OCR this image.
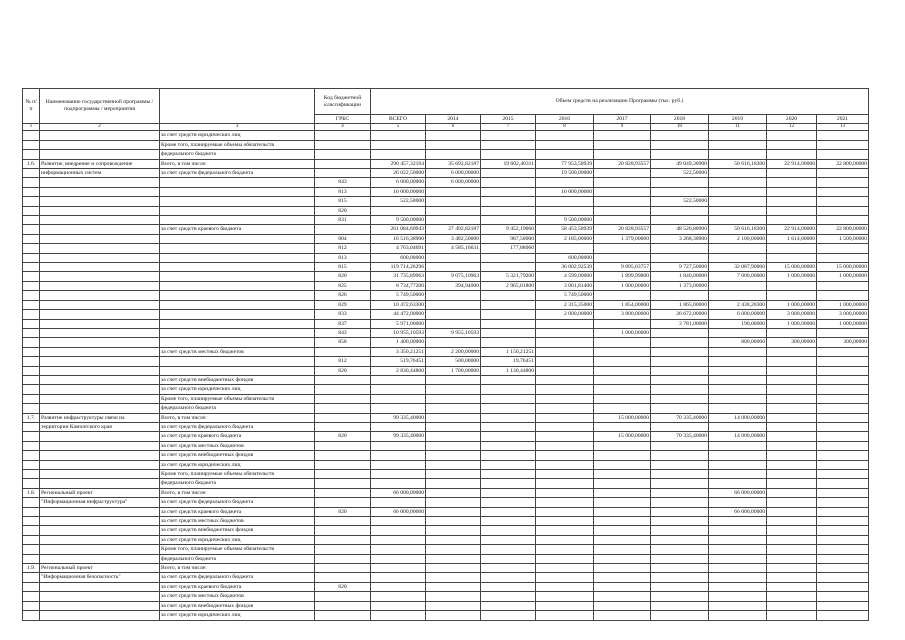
№ п/п	Наименование государственной программы / подпрограммы / мероприятия		Код бюджетной классификации	Объем средств на реализацию Программы (тыс. руб.)								
			ГРБС	ВСЕГО	2014	2015	2016	2017	2018	2019	2020	2021
1	2	3	4	5	6	7	8	9	10	11	12	13
		за счет средств юридических лиц										
		Кроме того, планируемые объемы обязательств										
		федерального бюджета										
1.6.	Развитие, внедрение и сопровождение	Всего, в том числе:		290 457,32194	35 692,82187	19 602,40311	77 953,58939	20 828,93557	49 049,38900	50 616,18300	22 914,00000	22 800,00000
	информационных систем	за счет средств федерального бюджета		26 022,50000	6 000,00000		19 500,00000		522,50000			
			843	6 000,00000	6 000,00000							
			813	10 000,00000			10 000,00000					
			815	522,50000					522,50000			
			820									
			831	9 500,00000			9 500,00000					
		за счет средств краевого бюджета		261 084,60943	27 492,82187	9 452,19060	58 453,58939	20 828,93557	48 526,88900	50 616,18300	22 914,00000	22 800,00000
			804	16 516,38900	3 482,50000	987,50000	2 185,00000	1 379,00000	3 268,38900	2 100,00000	1 614,00000	1 500,00000
			812	4 763,04691	4 585,16631	177,88060						
			813	600,00000			600,00000					
			815	119 714,26296			36 002,92539	9 895,03757	9 727,50000	32 087,90000	15 000,00000	15 000,00000
			820	31 735,89963	9 075,10963	5 321,79200	4 599,00000	1 899,99800	1 840,00000	7 000,00000	1 000,00000	1 000,00000
			825	8 734,77200	394,94000	2 965,01800	3 001,81400	1 000,00000	1 373,00000			
			826	5 749,50000			5 749,50000					
			829	10 472,63300			2 315,35000	1 854,00000	1 865,00000	2 438,28300	1 000,00000	1 000,00000
			833	44 472,00000			2 000,00000	3 800,00000	26 672,00000	6 000,00000	3 000,00000	3 000,00000
			837	5 971,00000					3 781,00000	190,00000	1 000,00000	1 000,00000
			843	10 955,10593	9 955,10593			1 000,00000				
			858	1 400,00000						800,00000	300,00000	300,00000
		за счет средств местных бюджетов		3 350,21251	2 200,00000	1 150,21251						
			812	519,76451	500,00000	19,76451						
			820	2 830,44800	1 700,00000	1 130,44800						
		за счет средств внебюджетных фондов										
		за счет средств юридических лиц										
		Кроме того, планируемые объемы обязательств										
		федерального бюджета										
1.7.	Развитие инфраструктуры связи на	Всего, в том числе:		99 335,40000				15 000,00000	70 335,40000	14 000,00000		
	территории Камчатского края	за счет средств федерального бюджета										
		за счет средств краевого бюджета	820	99 335,40000				15 000,00000	70 335,40000	14 000,00000		
		за счет средств местных бюджетов										
		за счет средств внебюджетных фондов										
		за счет средств юридических лиц										
		Кроме того, планируемые объемы обязательств										
		федерального бюджета										
1.8.	Региональный проект	Всего, в том числе:		66 000,00000						66 000,00000		
	"Информационная инфраструктура"	за счет средств федерального бюджета										
		за счет средств краевого бюджета	820	66 000,00000						66 000,00000		
		за счет средств местных бюджетов										
		за счет средств внебюджетных фондов										
		за счет средств юридических лиц										
		Кроме того, планируемые объемы обязательств										
		федерального бюджета										
1.9.	Региональный проект	Всего, в том числе:										
	"Информационная безопасность"	за счет средств федерального бюджета										
		за счет средств краевого бюджета	820									
		за счет средств местных бюджетов										
		за счет средств внебюджетных фондов										
		за счет средств юридических лиц										
